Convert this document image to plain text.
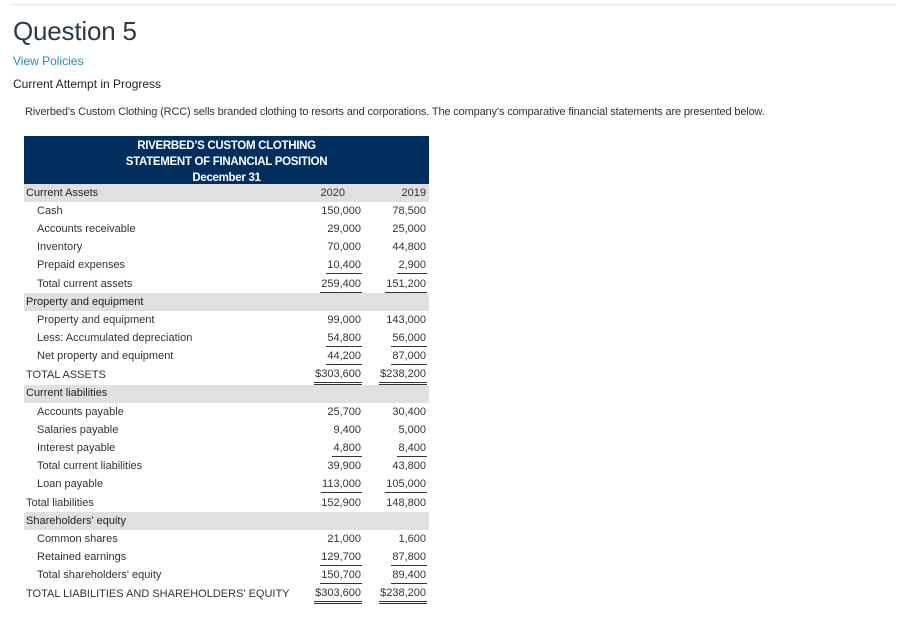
Question 5
View Policies
Current Attempt in Progress
Riverbed’s Custom Clothing (RCC) sells branded clothing to resorts and corporations. The company’s comparative financial statements are presented below.
RIVERBED’S CUSTOM CLOTHING
STATEMENT OF FINANCIAL POSITION
December 31
Current Assets	2020		2019
Cash	150,000		78,500
Accounts receivable	29,000		25,000
Inventory	70,000		44,800
Prepaid expenses	10,400		2,900
Total current assets	259,400		151,200
Property and equipment			
Property and equipment	99,000		143,000
Less: Accumulated depreciation	54,800		56,000
Net property and equipment	44,200		87,000
TOTAL ASSETS	$303,600		$238,200
Current liabilities			
Accounts payable	25,700		30,400
Salaries payable	9,400		5,000
Interest payable	4,800		8,400
Total current liabilities	39,900		43,800
Loan payable	113,000		105,000
Total liabilities	152,900		148,800
Shareholders' equity			
Common shares	21,000		1,600
Retained earnings	129,700		87,800
Total shareholders' equity	150,700		89,400
TOTAL LIABILITIES AND SHAREHOLDERS' EQUITY	$303,600		$238,200
